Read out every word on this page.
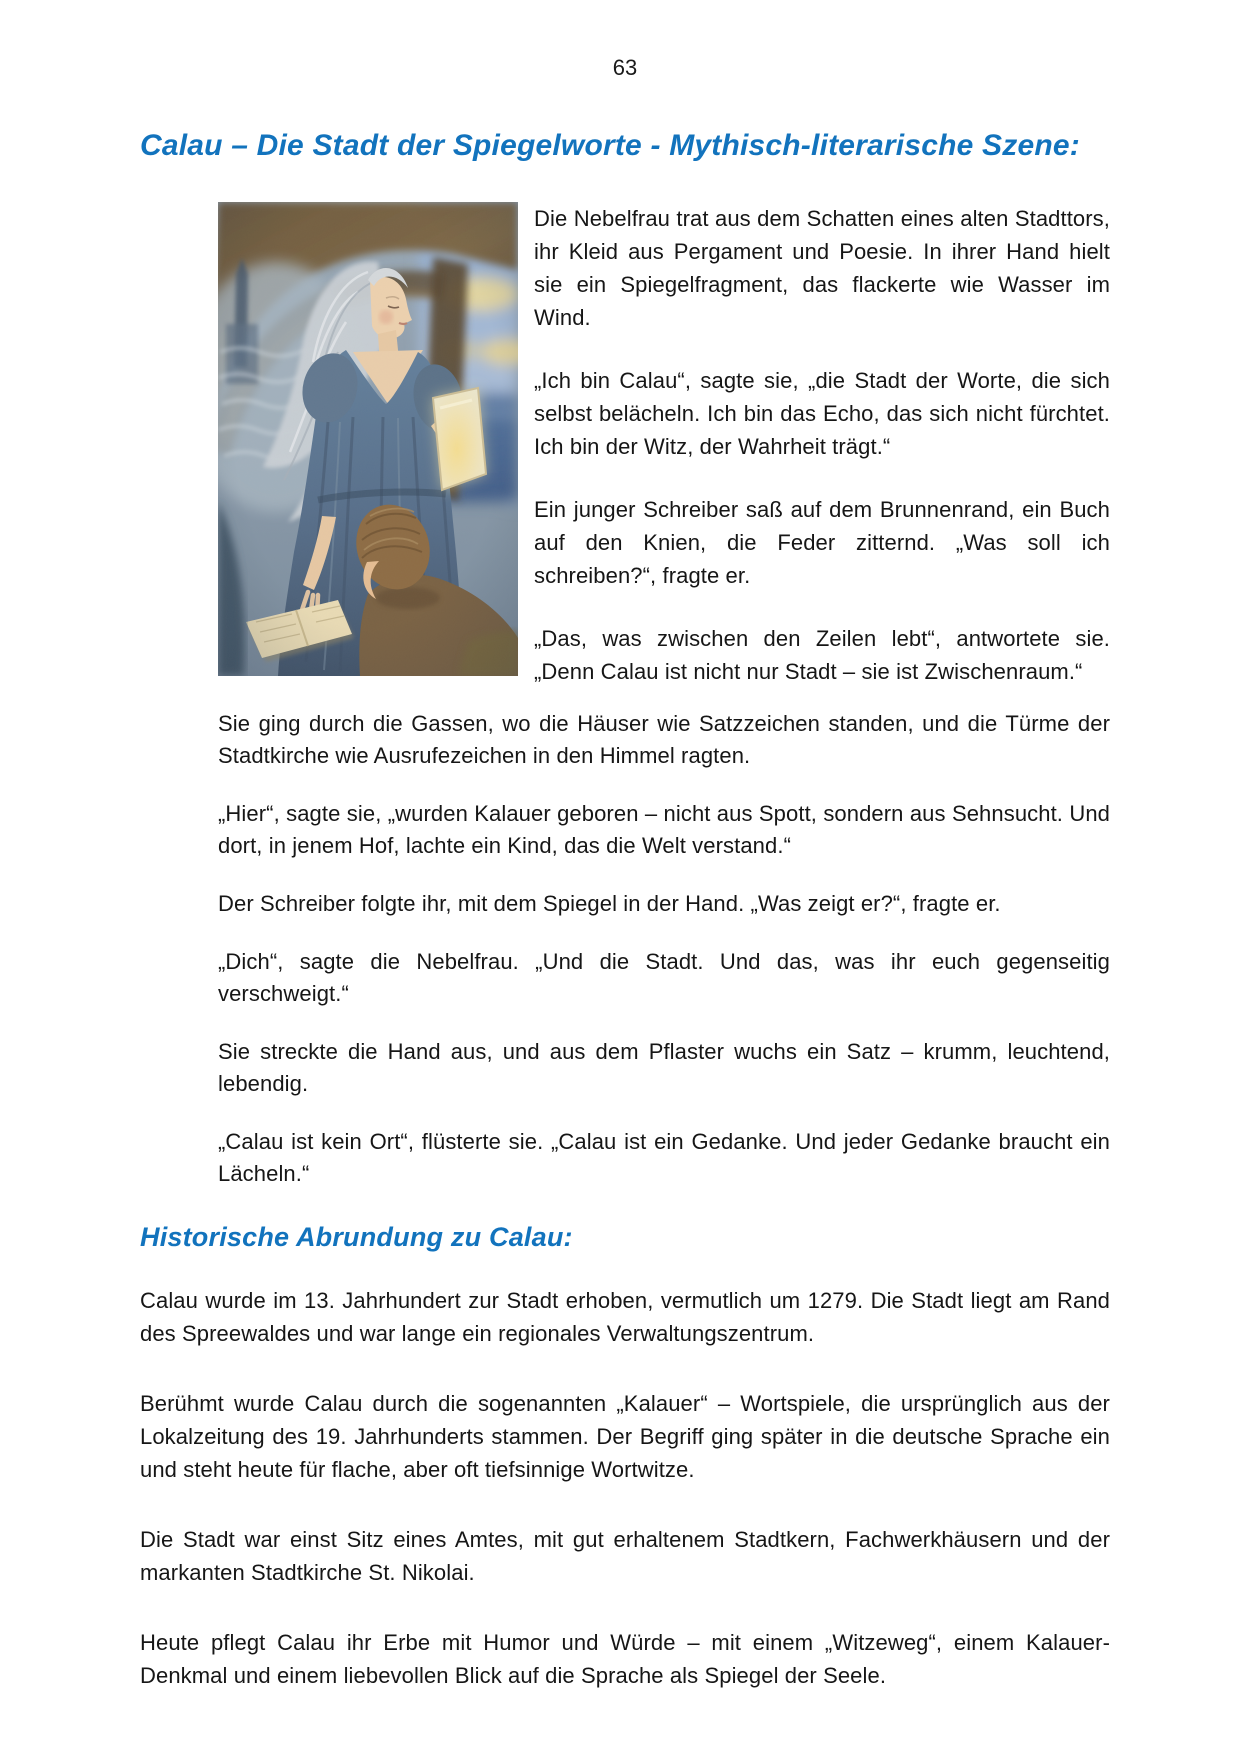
63
Calau – Die Stadt der Spiegelworte - Mythisch-literarische Szene:

Die Nebelfrau trat aus dem Schatten eines alten Stadttors, ihr Kleid aus Pergament und Poesie. In ihrer Hand hielt sie ein Spiegelfragment, das flackerte wie Wasser im Wind.

„Ich bin Calau“, sagte sie, „die Stadt der Worte, die sich selbst belächeln. Ich bin das Echo, das sich nicht fürchtet. Ich bin der Witz, der Wahrheit trägt.“

Ein junger Schreiber saß auf dem Brunnenrand, ein Buch auf den Knien, die Feder zitternd. „Was soll ich schreiben?“, fragte er.

„Das, was zwischen den Zeilen lebt“, antwortete sie. „Denn Calau ist nicht nur Stadt – sie ist Zwischenraum.“

Sie ging durch die Gassen, wo die Häuser wie Satzzeichen standen, und die Türme der Stadtkirche wie Ausrufezeichen in den Himmel ragten.

„Hier“, sagte sie, „wurden Kalauer geboren – nicht aus Spott, sondern aus Sehnsucht. Und dort, in jenem Hof, lachte ein Kind, das die Welt verstand.“

Der Schreiber folgte ihr, mit dem Spiegel in der Hand. „Was zeigt er?“, fragte er.

„Dich“, sagte die Nebelfrau. „Und die Stadt. Und das, was ihr euch gegenseitig verschweigt.“

Sie streckte die Hand aus, und aus dem Pflaster wuchs ein Satz – krumm, leuchtend, lebendig.

„Calau ist kein Ort“, flüsterte sie. „Calau ist ein Gedanke. Und jeder Gedanke braucht ein Lächeln.“

Historische Abrundung zu Calau:

Calau wurde im 13. Jahrhundert zur Stadt erhoben, vermutlich um 1279. Die Stadt liegt am Rand des Spreewaldes und war lange ein regionales Verwaltungszentrum.

Berühmt wurde Calau durch die sogenannten „Kalauer“ – Wortspiele, die ursprünglich aus der Lokalzeitung des 19. Jahrhunderts stammen. Der Begriff ging später in die deutsche Sprache ein und steht heute für flache, aber oft tiefsinnige Wortwitze.

Die Stadt war einst Sitz eines Amtes, mit gut erhaltenem Stadtkern, Fachwerkhäusern und der markanten Stadtkirche St. Nikolai.

Heute pflegt Calau ihr Erbe mit Humor und Würde – mit einem „Witzeweg“, einem Kalauer-Denkmal und einem liebevollen Blick auf die Sprache als Spiegel der Seele.
